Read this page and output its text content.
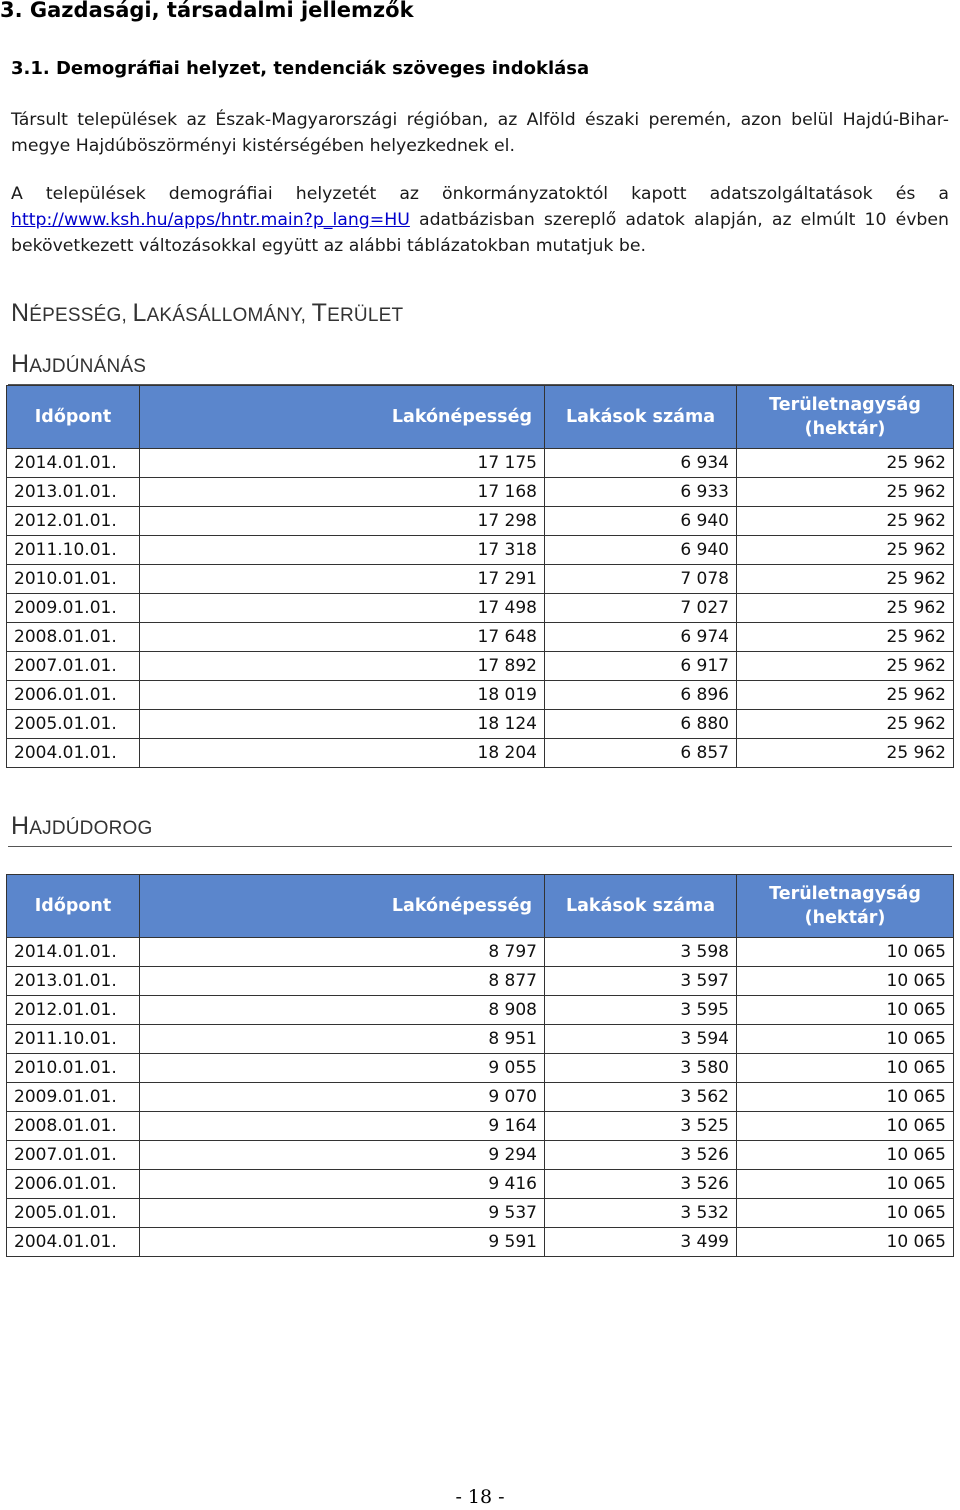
3. Gazdasági, társadalmi jellemzők
3.1. Demográfiai helyzet, tendenciák szöveges indoklása
Társult települések az Észak-Magyarországi régióban, az Alföld északi peremén, azon belül Hajdú-Bihar- megye Hajdúböszörményi kistérségében helyezkednek el.
A települések demográfiai helyzetét az önkormányzatoktól kapott adatszolgáltatások és a http://www.ksh.hu/apps/hntr.main?p_lang=HU adatbázisban szereplő adatok alapján, az elmúlt 10 évben bekövetkezett változásokkal együtt az alábbi táblázatokban mutatjuk be.
NÉPESSÉG, LAKÁSÁLLOMÁNY, TERÜLET
HAJDÚNÁNÁS
Időpont	Lakónépesség	Lakások száma	Területnagyság
(hektár)
2014.01.01.	17 175	6 934	25 962
2013.01.01.	17 168	6 933	25 962
2012.01.01.	17 298	6 940	25 962
2011.10.01.	17 318	6 940	25 962
2010.01.01.	17 291	7 078	25 962
2009.01.01.	17 498	7 027	25 962
2008.01.01.	17 648	6 974	25 962
2007.01.01.	17 892	6 917	25 962
2006.01.01.	18 019	6 896	25 962
2005.01.01.	18 124	6 880	25 962
2004.01.01.	18 204	6 857	25 962
HAJDÚDOROG
Időpont	Lakónépesség	Lakások száma	Területnagyság
(hektár)
2014.01.01.	8 797	3 598	10 065
2013.01.01.	8 877	3 597	10 065
2012.01.01.	8 908	3 595	10 065
2011.10.01.	8 951	3 594	10 065
2010.01.01.	9 055	3 580	10 065
2009.01.01.	9 070	3 562	10 065
2008.01.01.	9 164	3 525	10 065
2007.01.01.	9 294	3 526	10 065
2006.01.01.	9 416	3 526	10 065
2005.01.01.	9 537	3 532	10 065
2004.01.01.	9 591	3 499	10 065
- 18 -
